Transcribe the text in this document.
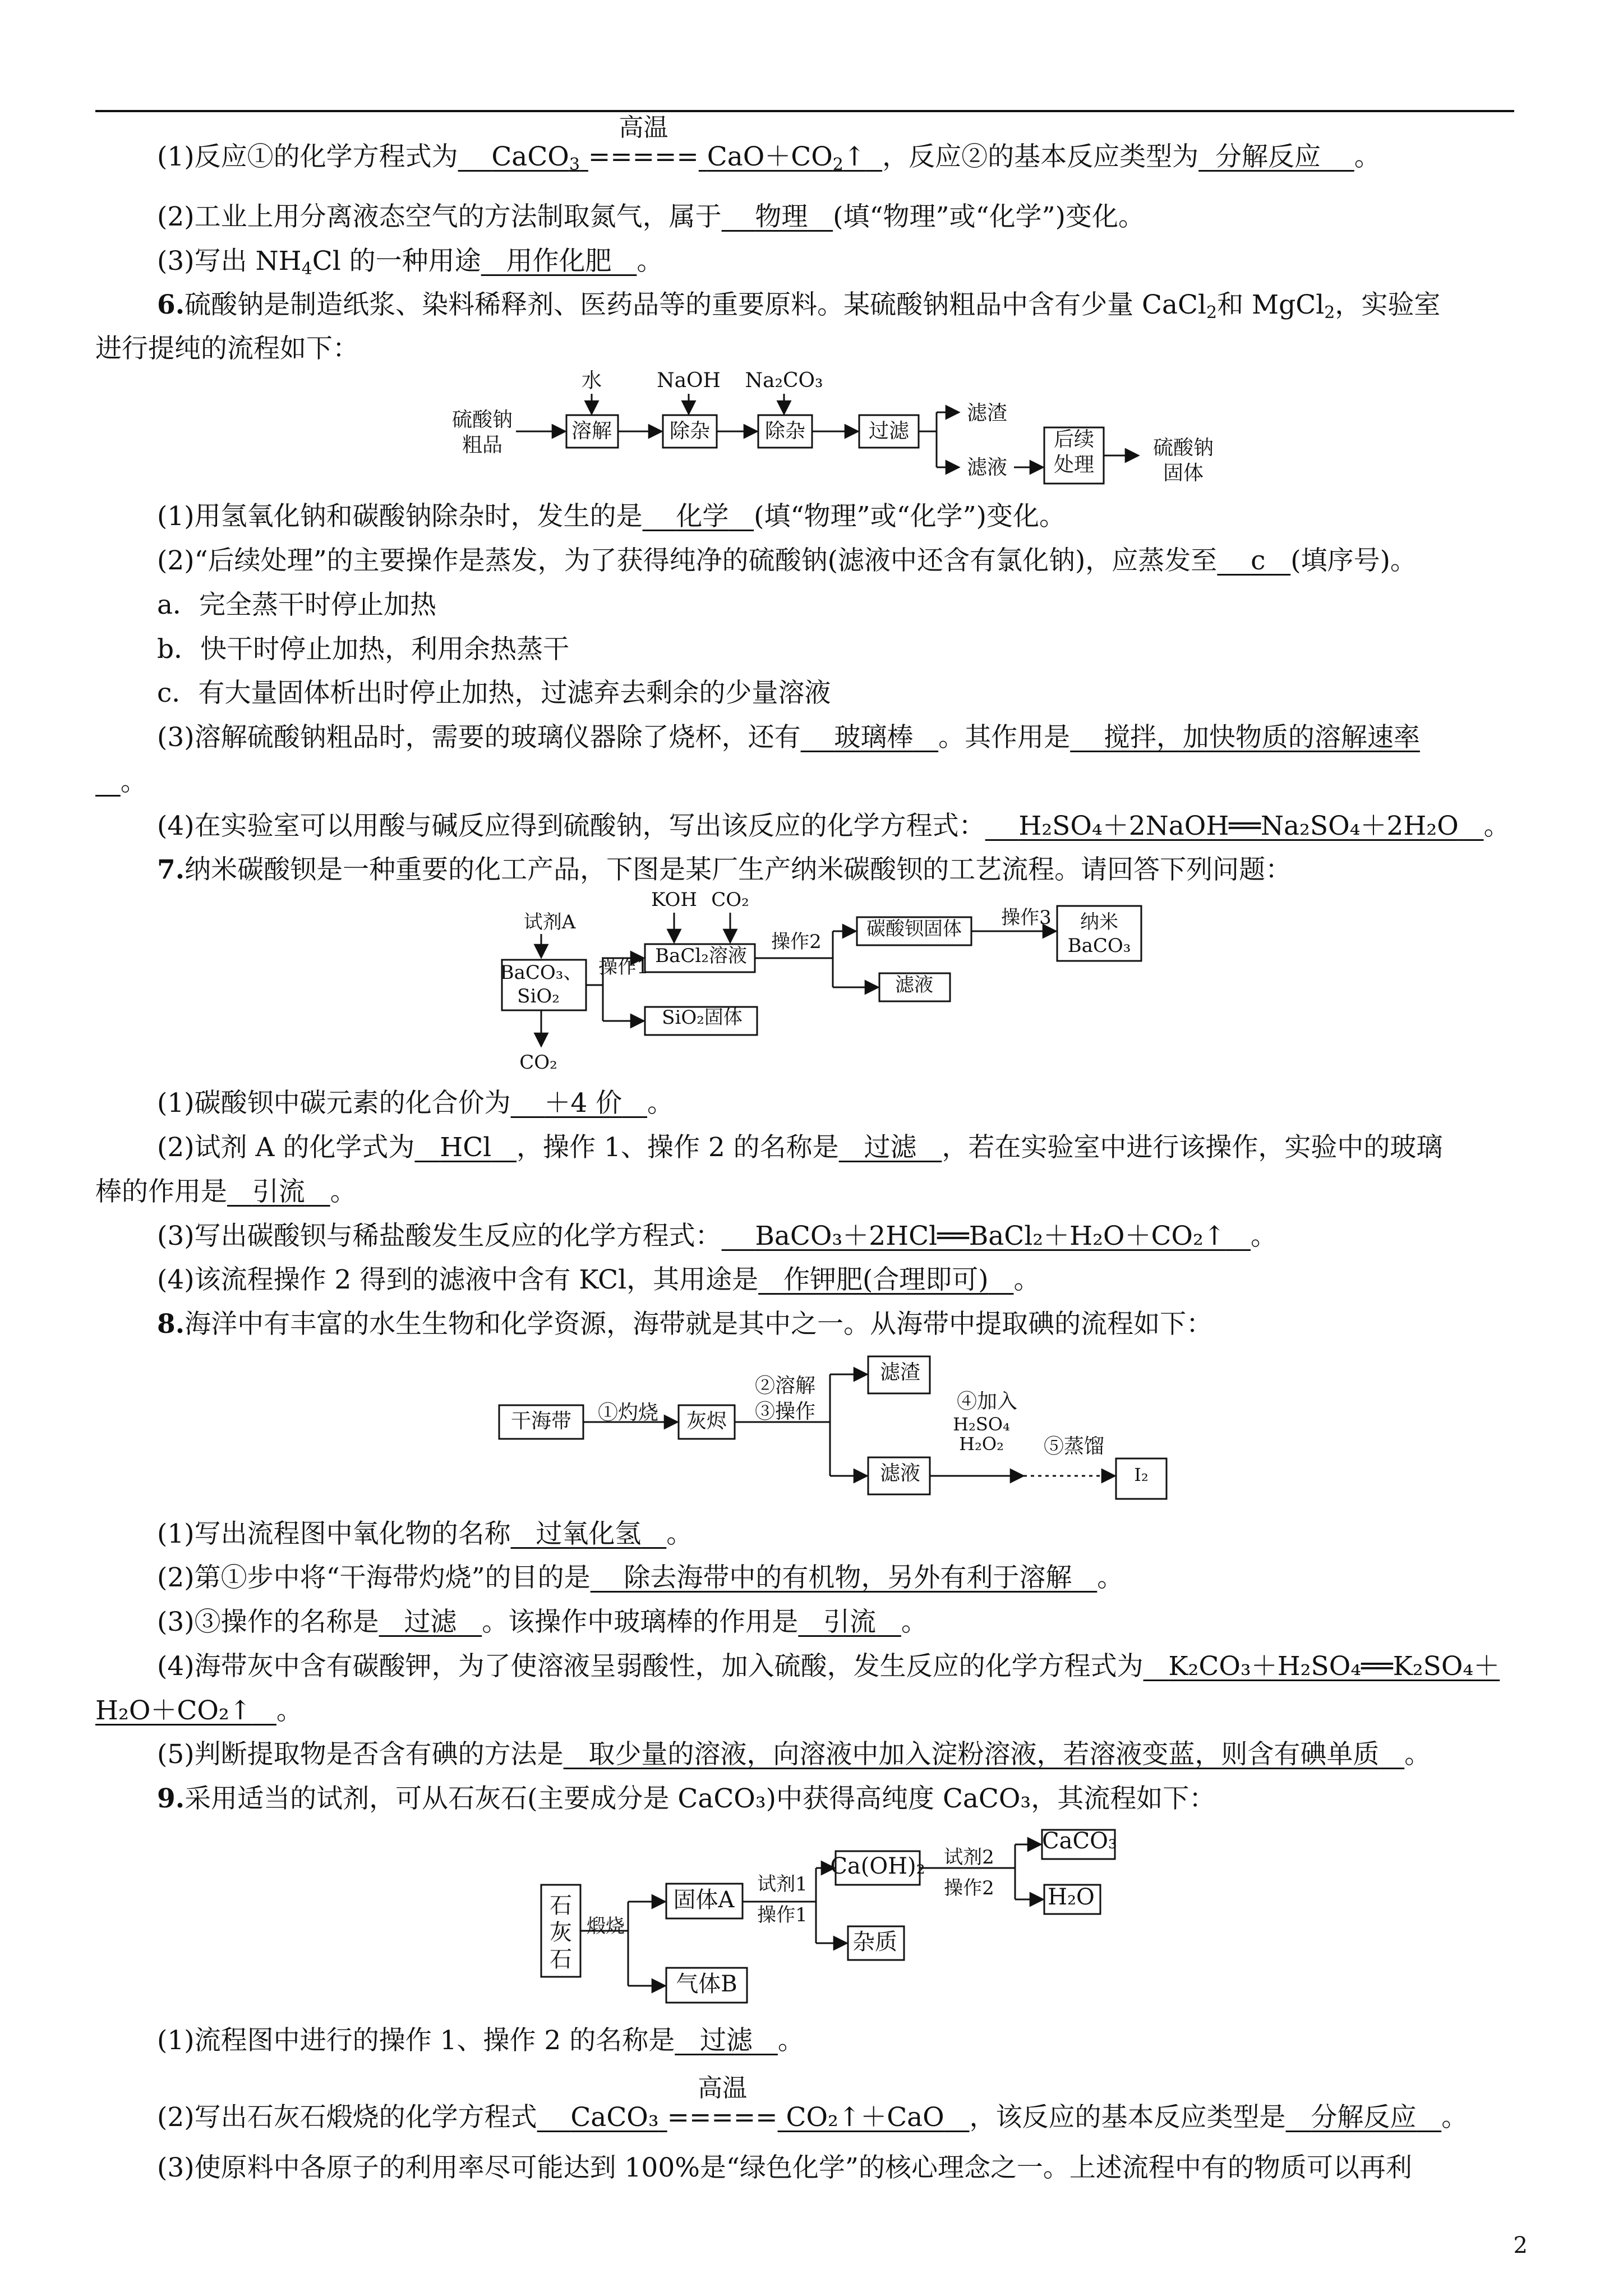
(1)反应①的化学方程式为 CaCO$_3$
高温
===== $CaO+CO_2↑$ ，反应②的基本反应类型为 分解反应 。
(2)工业上用分离液态空气的方法制取氮气，属于 物理 (填“物理”或“化学”)变化。
(3)写出 $NH_4Cl$ 的一种用途 用作化肥 。
6.硫酸钠是制造纸浆、染料稀释剂、医药品等的重要原料。某硫酸钠粗品中含有少量 CaCl$_2$和 MgCl$_2$，实验室
进行提纯的流程如下：
硫酸钠
粗品
水	NaOH Na₂CO₃
溶解	除杂	除杂	过滤
滤渣
滤液
后续
处理
硫酸钠
固体
(1)用氢氧化钠和碳酸钠除杂时，发生的是 化学 (填“物理”或“化学”)变化。
(2)“后续处理”的主要操作是蒸发，为了获得纯净的硫酸钠(滤液中还含有氯化钠)，应蒸发至 c (填序号)。
a．完全蒸干时停止加热
b．快干时停止加热，利用余热蒸干
c．有大量固体析出时停止加热，过滤弃去剩余的少量溶液
(3)溶解硫酸钠粗品时，需要的玻璃仪器除了烧杯，还有 玻璃棒 。其作用是 搅拌，加快物质的溶解速率
。
(4)在实验室可以用酸与碱反应得到硫酸钠，写出该反应的化学方程式： H₂SO₄＋2NaOH══Na₂SO₄＋2H₂O 。
7.纳米碳酸钡是一种重要的化工产品，下图是某厂生产纳米碳酸钡的工艺流程。请回答下列问题：
试剂A
BaCO₃、
SiO₂
CO₂
操作1 BaCl₂溶液
SiO₂固体
KOH CO₂
操作2
碳酸钡固体
滤液
操作3 纳米
BaCO₃
(1)碳酸钡中碳元素的化合价为 ＋4 价 。
(2)试剂 A 的化学式为 HCl ，操作 1、操作 2 的名称是 过滤 ，若在实验室中进行该操作，实验中的玻璃
棒的作用是 引流 。
(3)写出碳酸钡与稀盐酸发生反应的化学方程式： BaCO₃＋2HCl══BaCl₂＋H₂O＋CO₂↑ 。
(4)该流程操作 2 得到的滤液中含有 KCl，其用途是 作钾肥(合理即可) 。
8.海洋中有丰富的水生生物和化学资源，海带就是其中之一。从海带中提取碘的流程如下：
干海带 ①灼烧 灰烬
②溶解
③操作
滤渣
滤液
④加入
H₂SO₄
H₂O₂ ⑤蒸馏
I₂
(1)写出流程图中氧化物的名称 过氧化氢 。
(2)第①步中将“干海带灼烧”的目的是 除去海带中的有机物，另外有利于溶解 。
(3)③操作的名称是 过滤 。该操作中玻璃棒的作用是 引流 。
(4)海带灰中含有碳酸钾，为了使溶液呈弱酸性，加入硫酸，发生反应的化学方程式为 K₂CO₃＋H₂SO₄══K₂SO₄＋
H₂O＋CO₂↑ 。
(5)判断提取物是否含有碘的方法是 取少量的溶液，向溶液中加入淀粉溶液，若溶液变蓝，则含有碘单质 。
9.采用适当的试剂，可从石灰石(主要成分是 CaCO₃)中获得高纯度 CaCO₃，其流程如下：
石
灰
石
煅烧
固体A
气体B
试剂1
操作1
Ca(OH)₂
杂质
试剂2
操作2
CaCO₃
H₂O
(1)流程图中进行的操作 1、操作 2 的名称是 过滤 。
(2)写出石灰石煅烧的化学方程式 CaCO₃
高温
===== CO₂↑＋CaO ，该反应的基本反应类型是 分解反应 。
(3)使原料中各原子的利用率尽可能达到 100%是“绿色化学”的核心理念之一。上述流程中有的物质可以再利
2
